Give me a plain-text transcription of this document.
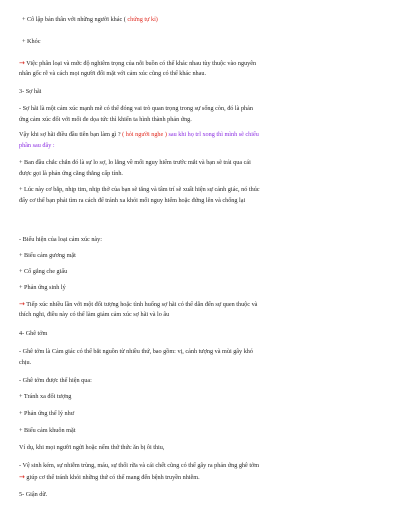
+ Cô lập bản thân với những người khác ( chứng tự kỉ)
+ Khóc
→ Việc phân loại và mức độ nghiêm trọng của nỗi buồn có thể khác nhau tùy thuộc vào nguyên
nhân gốc rễ và cách mọi người đối mặt với cảm xúc cũng có thể khác nhau.
3- Sợ hãi
- Sợ hãi là một cảm xúc mạnh mẽ có thể đóng vai trò quan trọng trong sự sống còn, đó là phản
ứng cảm xúc đối với mối đe dọa tức thì khiến ta hình thành phản ứng.
Vậy khi sợ hãi điều đầu tiên bạn làm gì ? ( hỏi người nghe ) sau khi họ trl xong thì mình sẽ chiếu
phần sau đây :
+ Ban đầu chắc chắn đó là sự lo sợ, lo lắng về mối nguy hiểm trước mắt và bạn sẽ trải qua cái
được gọi là phản ứng căng thẳng cấp tính.
+ Lúc này cơ bắp, nhịp tim, nhịp thở của bạn sẽ tăng và tâm trí sẽ xuất hiện sự cảnh giác, nó thúc
đẩy cơ thể bạn phải tìm ra cách để tránh xa khỏi mối nguy hiểm hoặc đứng lên và chống lại
- Biểu hiện của loại cảm xúc này:
+ Biểu cảm gương mặt
+ Cố gắng che giấu
+ Phản ứng sinh lý
→ Tiếp xúc nhiều lần với một đối tượng hoặc tình huống sợ hãi có thể dẫn đến sự quen thuộc và
thích nghi, điều này có thể làm giảm cảm xúc sợ hãi và lo âu
4- Ghê tởm
- Ghê tởm là Cảm giác có thể bắt nguồn từ nhiều thứ, bao gồm: vị, cảnh tượng và mùi gây khó
chịu.
- Ghê tởm được thể hiện qua:
+ Tránh xa đối tượng
+ Phản ứng thể lý như
+ Biểu cảm khuôn mặt
Ví dụ, khi mọi người ngửi hoặc nếm thứ thức ăn bị ôi thiu,
- Vệ sinh kém, sự nhiễm trùng, máu, sự thối rữa và cái chết cũng có thể gây ra phản ứng ghê tởm
→ giúp cơ thể tránh khỏi những thứ có thể mang đến bệnh truyền nhiễm.
5- Giận dữ.
